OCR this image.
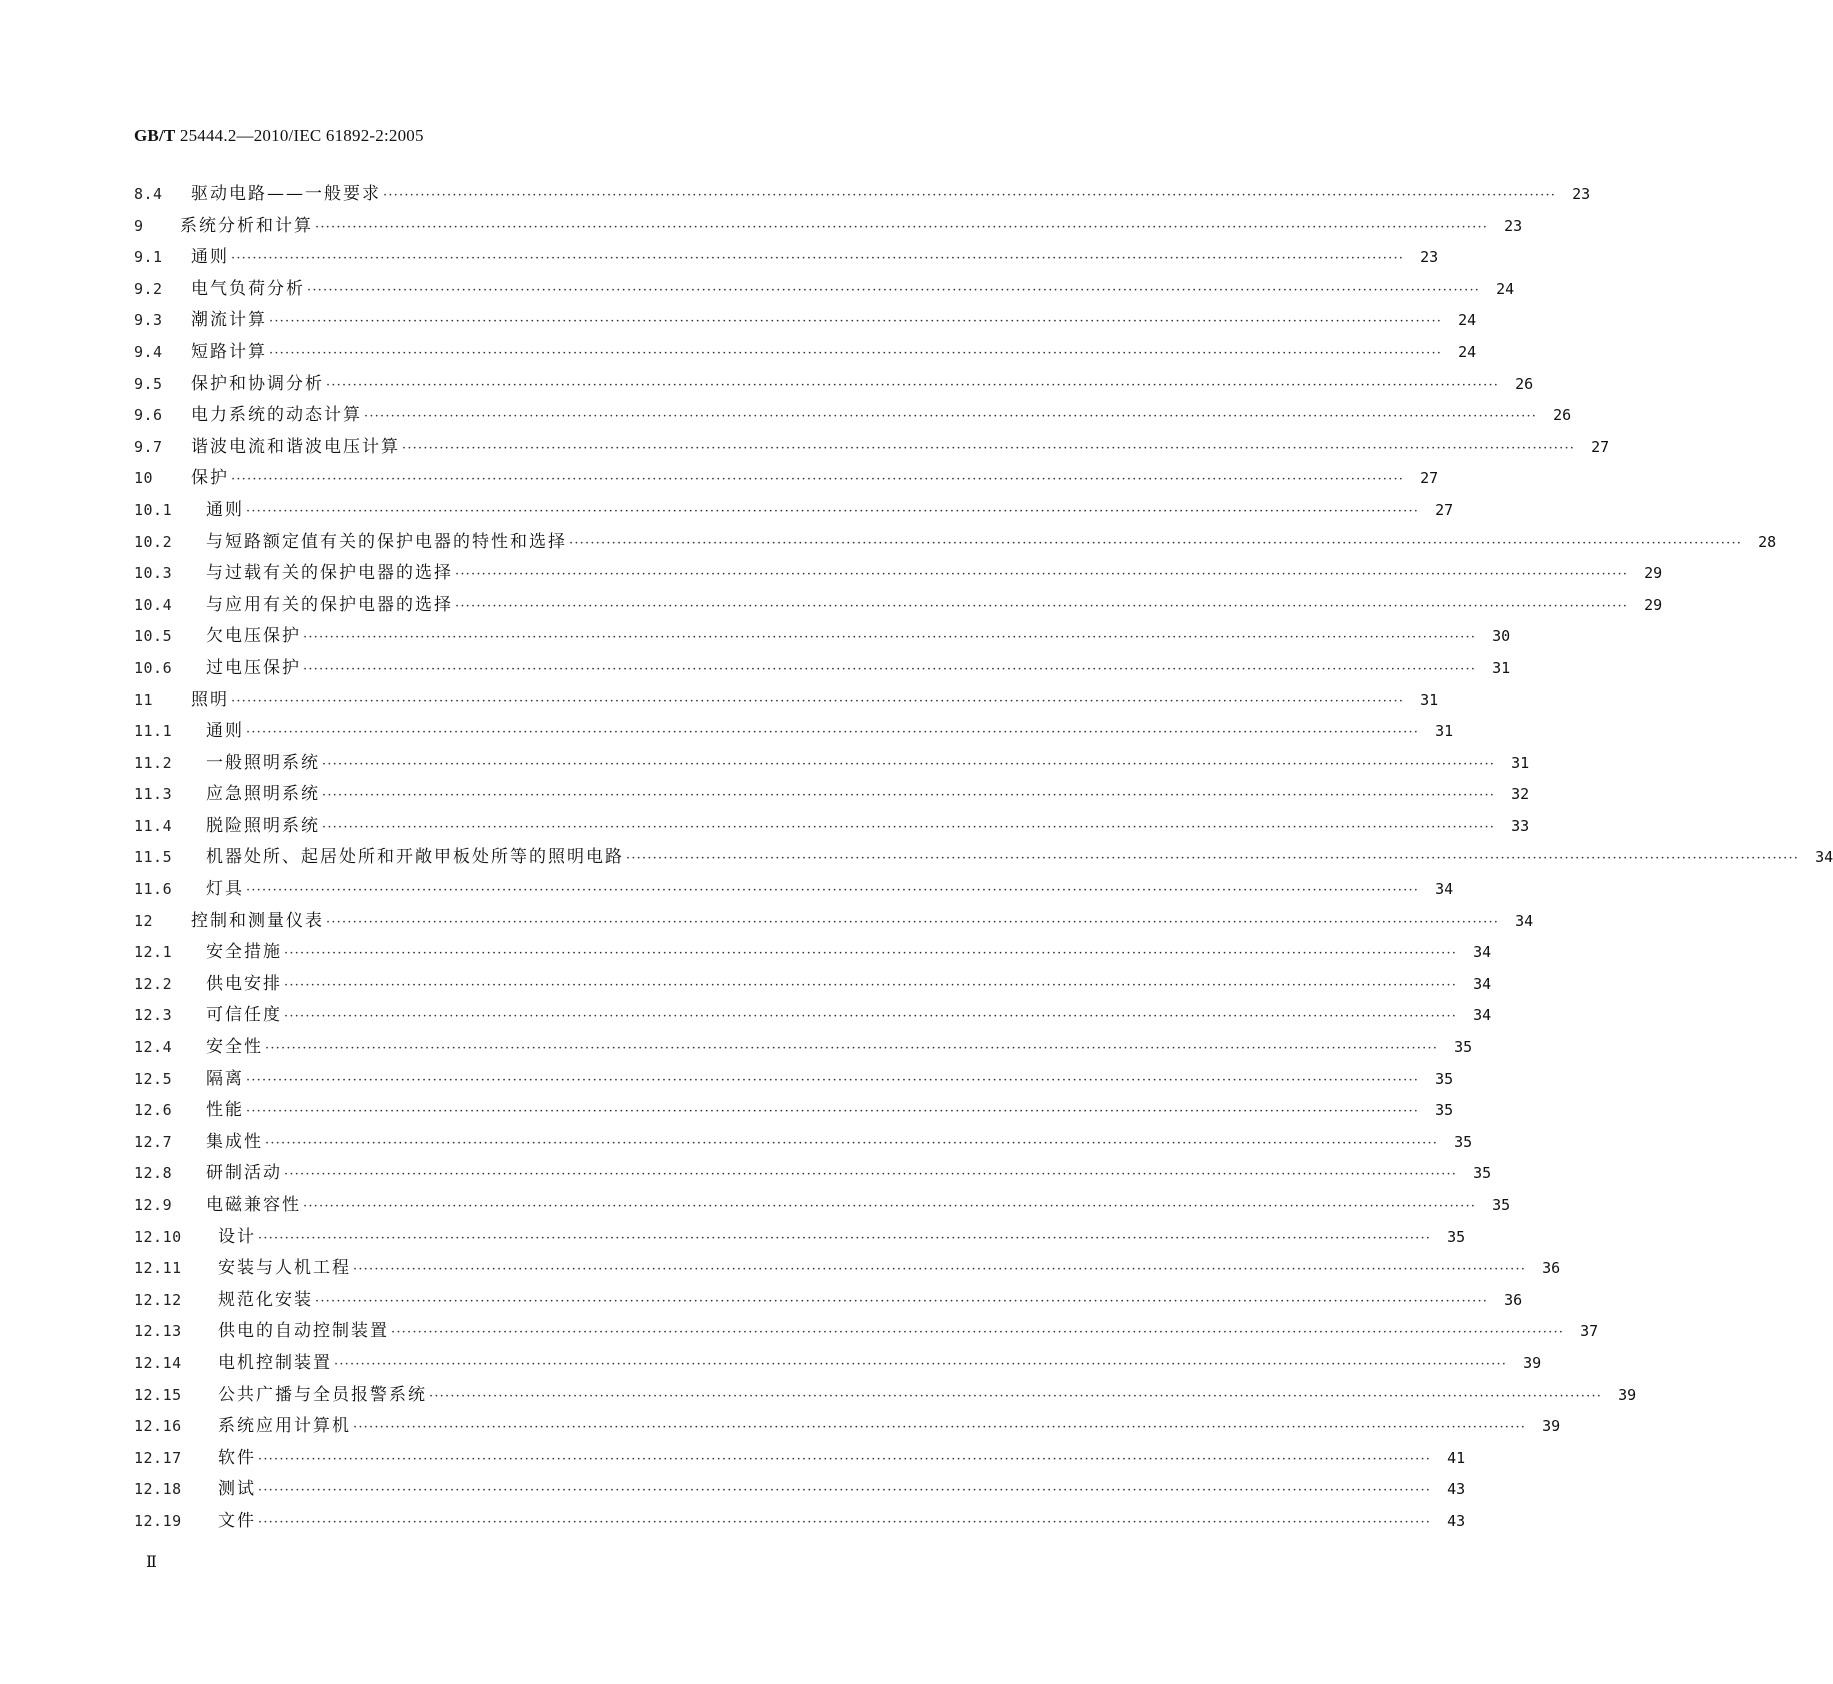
GB/T 25444.2—2010/IEC 61892-2:2005
8.4	驱动电路——一般要求 ····························································································································································································································	23
9	系统分析和计算 ····························································································································································································································	23
9.1	通则 ····························································································································································································································	23
9.2	电气负荷分析 ····························································································································································································································	24
9.3	潮流计算 ····························································································································································································································	24
9.4	短路计算 ····························································································································································································································	24
9.5	保护和协调分析 ····························································································································································································································	26
9.6	电力系统的动态计算 ····························································································································································································································	26
9.7	谐波电流和谐波电压计算 ····························································································································································································································	27
10	保护 ····························································································································································································································	27
10.1	通则 ····························································································································································································································	27
10.2	与短路额定值有关的保护电器的特性和选择 ····························································································································································································································	28
10.3	与过载有关的保护电器的选择 ····························································································································································································································	29
10.4	与应用有关的保护电器的选择 ····························································································································································································································	29
10.5	欠电压保护 ····························································································································································································································	30
10.6	过电压保护 ····························································································································································································································	31
11	照明 ····························································································································································································································	31
11.1	通则 ····························································································································································································································	31
11.2	一般照明系统 ····························································································································································································································	31
11.3	应急照明系统 ····························································································································································································································	32
11.4	脱险照明系统 ····························································································································································································································	33
11.5	机器处所、起居处所和开敞甲板处所等的照明电路 ····························································································································································································································	34
11.6	灯具 ····························································································································································································································	34
12	控制和测量仪表 ····························································································································································································································	34
12.1	安全措施 ····························································································································································································································	34
12.2	供电安排 ····························································································································································································································	34
12.3	可信任度 ····························································································································································································································	34
12.4	安全性 ····························································································································································································································	35
12.5	隔离 ····························································································································································································································	35
12.6	性能 ····························································································································································································································	35
12.7	集成性 ····························································································································································································································	35
12.8	研制活动 ····························································································································································································································	35
12.9	电磁兼容性 ····························································································································································································································	35
12.10	设计 ····························································································································································································································	35
12.11	安装与人机工程 ····························································································································································································································	36
12.12	规范化安装 ····························································································································································································································	36
12.13	供电的自动控制装置 ····························································································································································································································	37
12.14	电机控制装置 ····························································································································································································································	39
12.15	公共广播与全员报警系统 ····························································································································································································································	39
12.16	系统应用计算机 ····························································································································································································································	39
12.17	软件 ····························································································································································································································	41
12.18	测试 ····························································································································································································································	43
12.19	文件 ····························································································································································································································	43
Ⅱ
